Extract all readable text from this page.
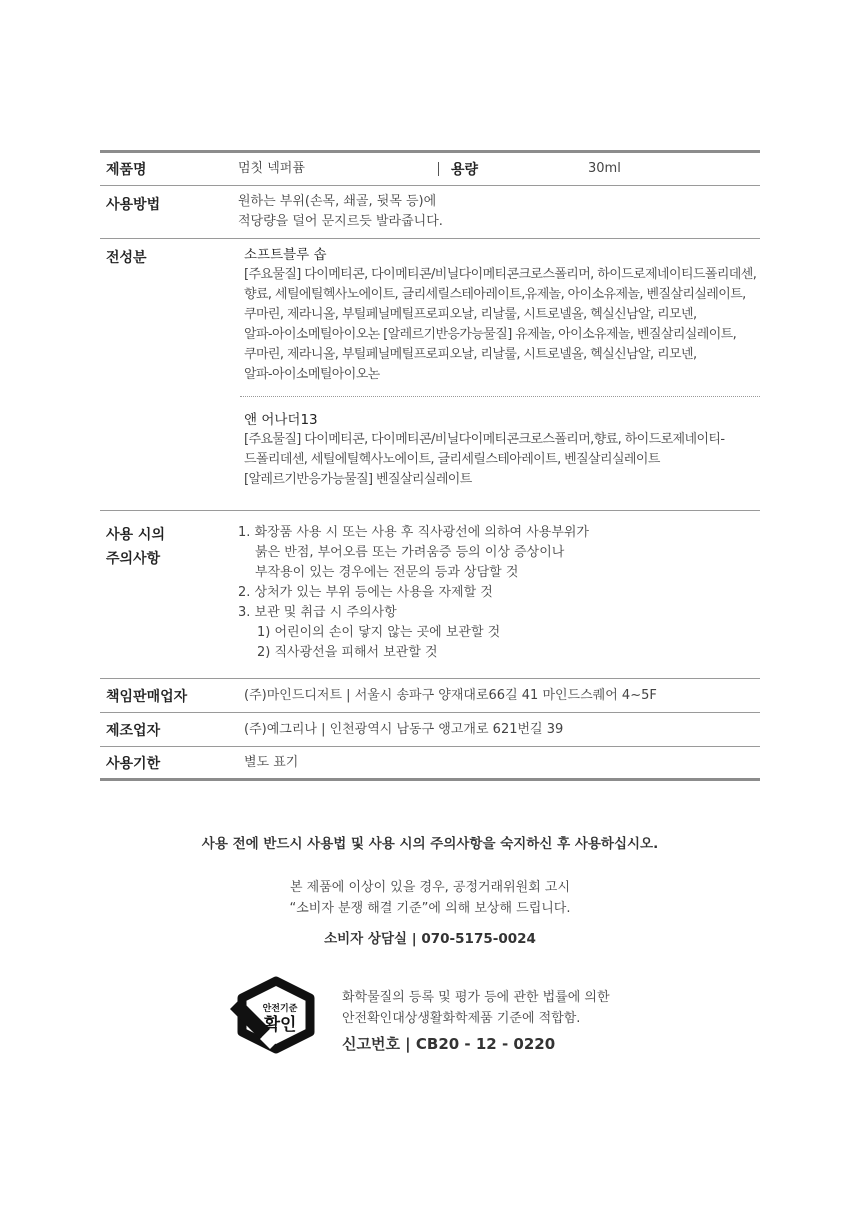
제품명	멈칫 넥퍼퓸	용량	30ml
사용방법	원하는 부위(손목, 쇄골, 뒷목 등)에
적당량을 덜어 문지르듯 발라줍니다.
전성분	소프트블루 솝
[주요물질] 다이메티콘, 다이메티콘/비닐다이메티콘크로스폴리머, 하이드로제네이티드폴리데센,
향료, 세틸에틸헥사노에이트, 글리세릴스테아레이트,유제놀, 아이소유제놀, 벤질살리실레이트,
쿠마린, 제라니올, 부틸페닐메틸프로피오날, 리날룰, 시트로넬올, 헥실신남알, 리모넨,
알파-아이소메틸아이오논 [알레르기반응가능물질] 유제놀, 아이소유제놀, 벤질살리실레이트,
쿠마린, 제라니올, 부틸페닐메틸프로피오날, 리날룰, 시트로넬올, 헥실신남알, 리모넨,
알파-아이소메틸아이오논
앤 어나더13
[주요물질] 다이메티콘, 다이메티콘/비닐다이메티콘크로스폴리머,향료, 하이드로제네이티-
드폴리데센, 세틸에틸헥사노에이트, 글리세릴스테아레이트, 벤질살리실레이트
[알레르기반응가능물질] 벤질살리실레이트
사용 시의
주의사항
1. 화장품 사용 시 또는 사용 후 직사광선에 의하여 사용부위가
붉은 반점, 부어오름 또는 가려움증 등의 이상 증상이나
부작용이 있는 경우에는 전문의 등과 상담할 것
2. 상처가 있는 부위 등에는 사용을 자제할 것
3. 보관 및 취급 시 주의사항
1) 어린이의 손이 닿지 않는 곳에 보관할 것
2) 직사광선을 피해서 보관할 것
책임판매업자	(주)마인드디저트 | 서울시 송파구 양재대로66길 41 마인드스퀘어 4~5F
제조업자	(주)예그리나 | 인천광역시 남동구 앵고개로 621번길 39
사용기한	별도 표기
사용 전에 반드시 사용법 및 사용 시의 주의사항을 숙지하신 후 사용하십시오.
본 제품에 이상이 있을 경우, 공정거래위원회 고시
“소비자 분쟁 해결 기준”에 의해 보상해 드립니다.
소비자 상담실 | 070-5175-0024
안전기준
확인
화학물질의 등록 및 평가 등에 관한 법률에 의한
안전확인대상생활화학제품 기준에 적합함.
신고번호 | CB20 - 12 - 0220
